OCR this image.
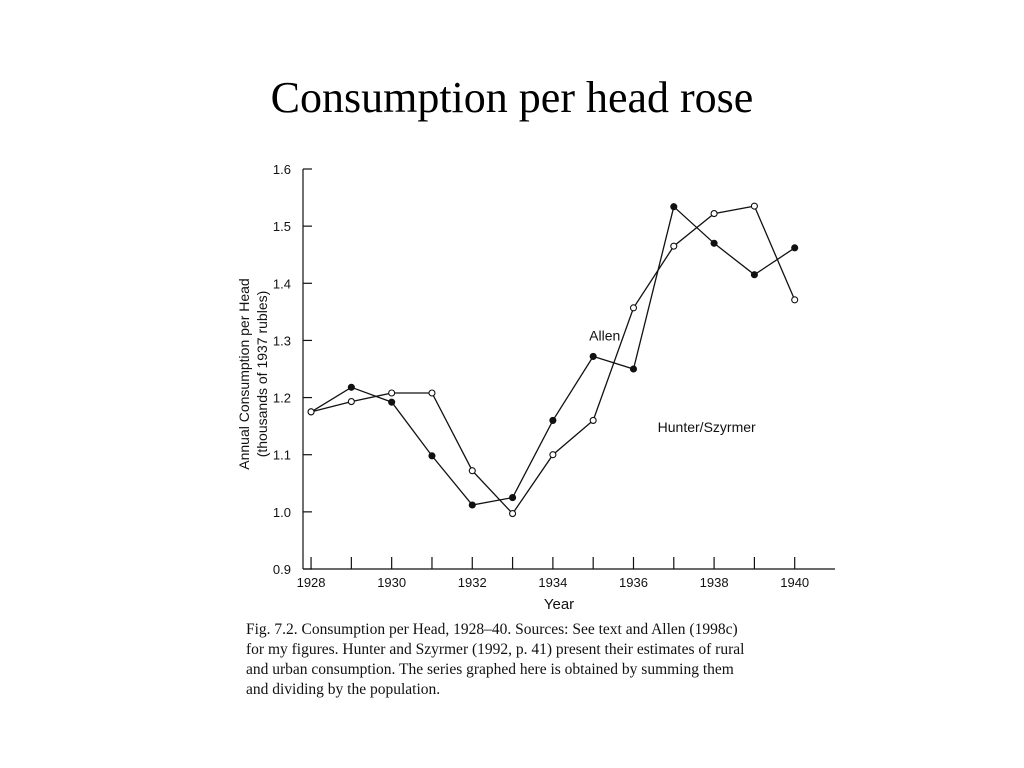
Consumption per head rose
0.9
1.0
1.1
1.2
1.3
1.4
1.5
1.6
1928	1930	1932	1934	1936	1938	1940
Year
Annual Consumption per Head (thousands of 1937 rubles)	Allen
Hunter/Szyrmer
Fig. 7.2. Consumption per Head, 1928–40. Sources: See text and Allen (1998c)
for my figures. Hunter and Szyrmer (1992, p. 41) present their estimates of rural
and urban consumption. The series graphed here is obtained by summing them
and dividing by the population.
